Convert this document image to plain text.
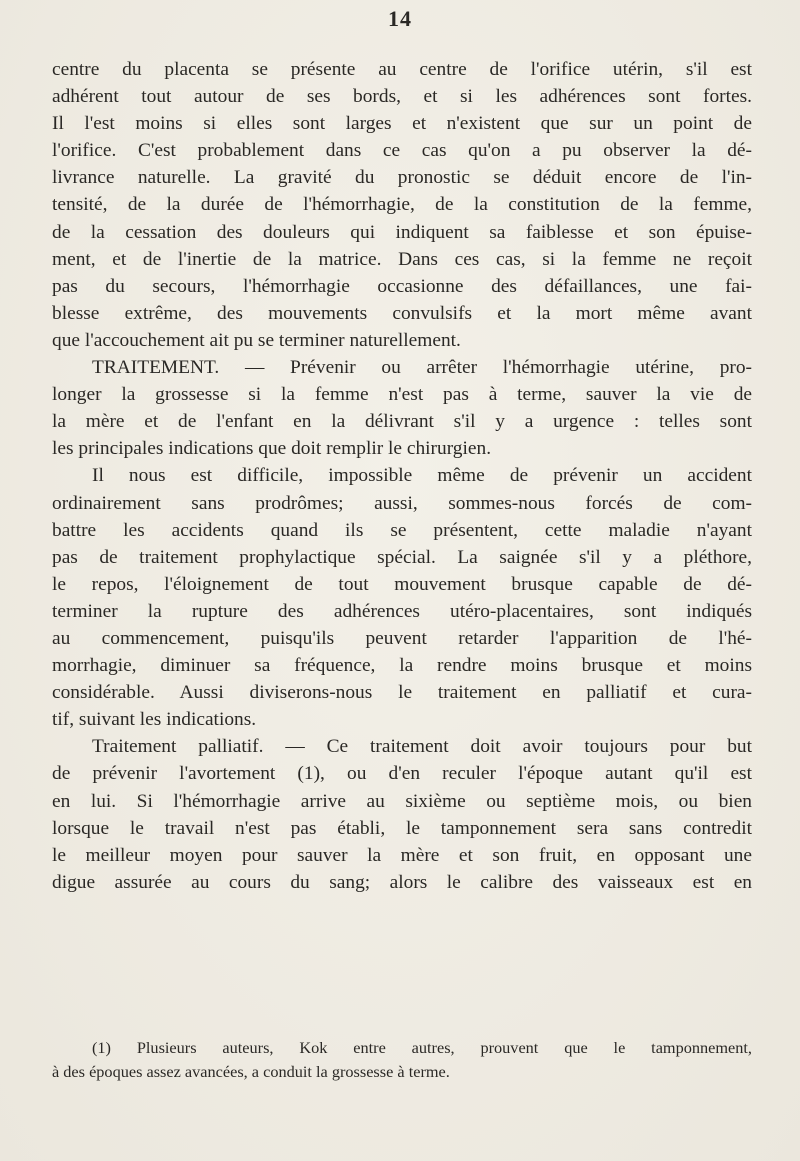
14
centre du placenta se présente au centre de l'orifice utérin, s'il est
adhérent tout autour de ses bords, et si les adhérences sont fortes.
Il l'est moins si elles sont larges et n'existent que sur un point de
l'orifice. C'est probablement dans ce cas qu'on a pu observer la dé-
livrance naturelle. La gravité du pronostic se déduit encore de l'in-
tensité, de la durée de l'hémorrhagie, de la constitution de la femme,
de la cessation des douleurs qui indiquent sa faiblesse et son épuise-
ment, et de l'inertie de la matrice. Dans ces cas, si la femme ne reçoit
pas du secours, l'hémorrhagie occasionne des défaillances, une fai-
blesse extrême, des mouvements convulsifs et la mort même avant
que l'accouchement ait pu se terminer naturellement.
TRAITEMENT. — Prévenir ou arrêter l'hémorrhagie utérine, pro-
longer la grossesse si la femme n'est pas à terme, sauver la vie de
la mère et de l'enfant en la délivrant s'il y a urgence : telles sont
les principales indications que doit remplir le chirurgien.
Il nous est difficile, impossible même de prévenir un accident
ordinairement sans prodrômes; aussi, sommes-nous forcés de com-
battre les accidents quand ils se présentent, cette maladie n'ayant
pas de traitement prophylactique spécial. La saignée s'il y a pléthore,
le repos, l'éloignement de tout mouvement brusque capable de dé-
terminer la rupture des adhérences utéro-placentaires, sont indiqués
au commencement, puisqu'ils peuvent retarder l'apparition de l'hé-
morrhagie, diminuer sa fréquence, la rendre moins brusque et moins
considérable. Aussi diviserons-nous le traitement en palliatif et cura-
tif, suivant les indications.
Traitement palliatif. — Ce traitement doit avoir toujours pour but
de prévenir l'avortement (1), ou d'en reculer l'époque autant qu'il est
en lui. Si l'hémorrhagie arrive au sixième ou septième mois, ou bien
lorsque le travail n'est pas établi, le tamponnement sera sans contredit
le meilleur moyen pour sauver la mère et son fruit, en opposant une
digue assurée au cours du sang; alors le calibre des vaisseaux est en
(1) Plusieurs auteurs, Kok entre autres, prouvent que le tamponnement,
à des époques assez avancées, a conduit la grossesse à terme.
